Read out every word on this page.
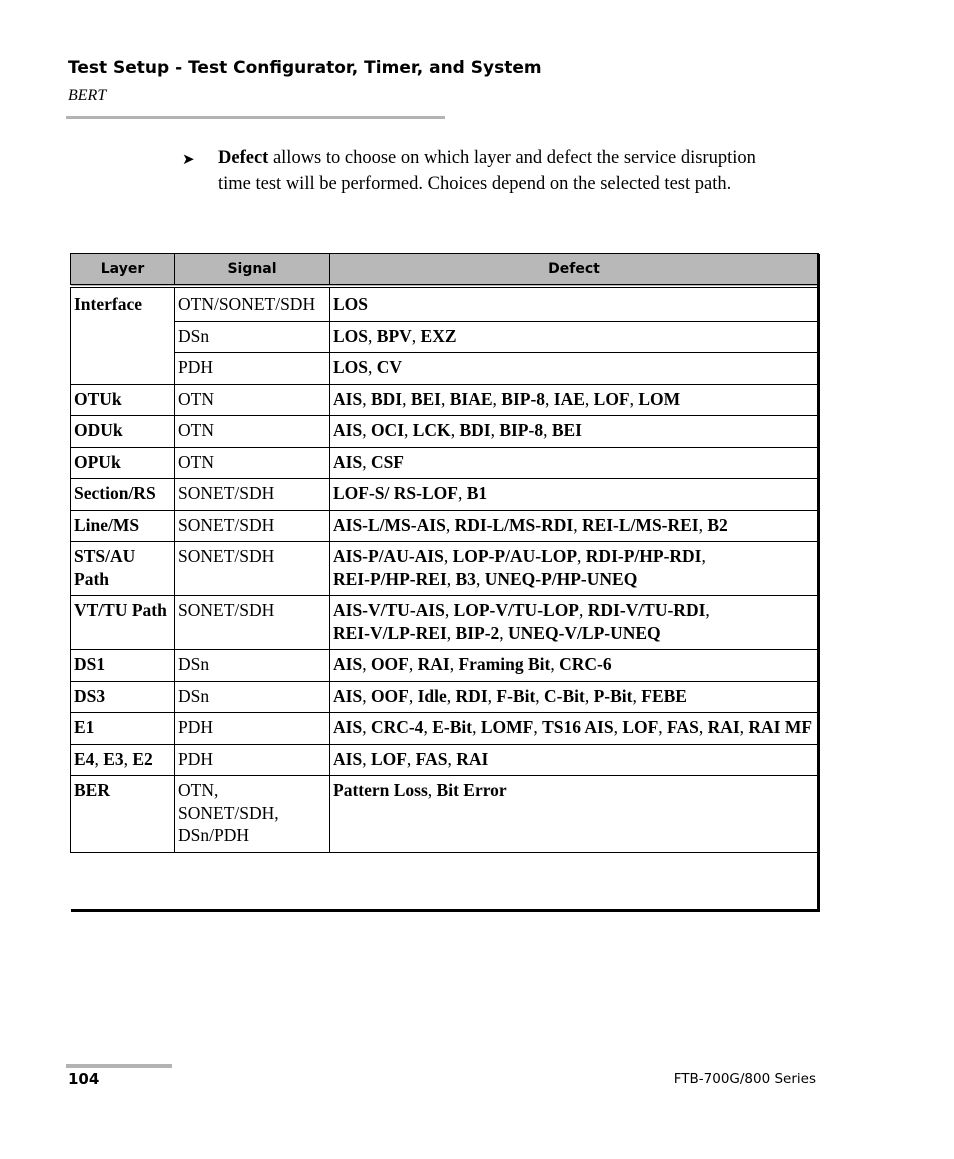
Test Setup - Test Configurator, Timer, and System
BERT
➤ Defect allows to choose on which layer and defect the service disruption time test will be performed. Choices depend on the selected test path.
Layer	Signal	Defect
Interface	OTN/SONET/SDH	LOS
	DSn	LOS, BPV, EXZ
	PDH	LOS, CV
OTUk	OTN	AIS, BDI, BEI, BIAE, BIP-8, IAE, LOF, LOM
ODUk	OTN	AIS, OCI, LCK, BDI, BIP-8, BEI
OPUk	OTN	AIS, CSF
Section/RS	SONET/SDH	LOF-S/ RS-LOF, B1
Line/MS	SONET/SDH	AIS-L/MS-AIS, RDI-L/MS-RDI, REI-L/MS-REI, B2
STS/AU Path	SONET/SDH	AIS-P/AU-AIS, LOP-P/AU-LOP, RDI-P/HP-RDI,
REI-P/HP-REI, B3, UNEQ-P/HP-UNEQ
VT/TU Path	SONET/SDH	AIS-V/TU-AIS, LOP-V/TU-LOP, RDI-V/TU-RDI,
REI-V/LP-REI, BIP-2, UNEQ-V/LP-UNEQ
DS1	DSn	AIS, OOF, RAI, Framing Bit, CRC-6
DS3	DSn	AIS, OOF, Idle, RDI, F-Bit, C-Bit, P-Bit, FEBE
E1	PDH	AIS, CRC-4, E-Bit, LOMF, TS16 AIS, LOF, FAS, RAI, RAI MF
E4, E3, E2	PDH	AIS, LOF, FAS, RAI
BER	OTN,
SONET/SDH,
DSn/PDH	Pattern Loss, Bit Error
104	FTB-700G/800 Series
